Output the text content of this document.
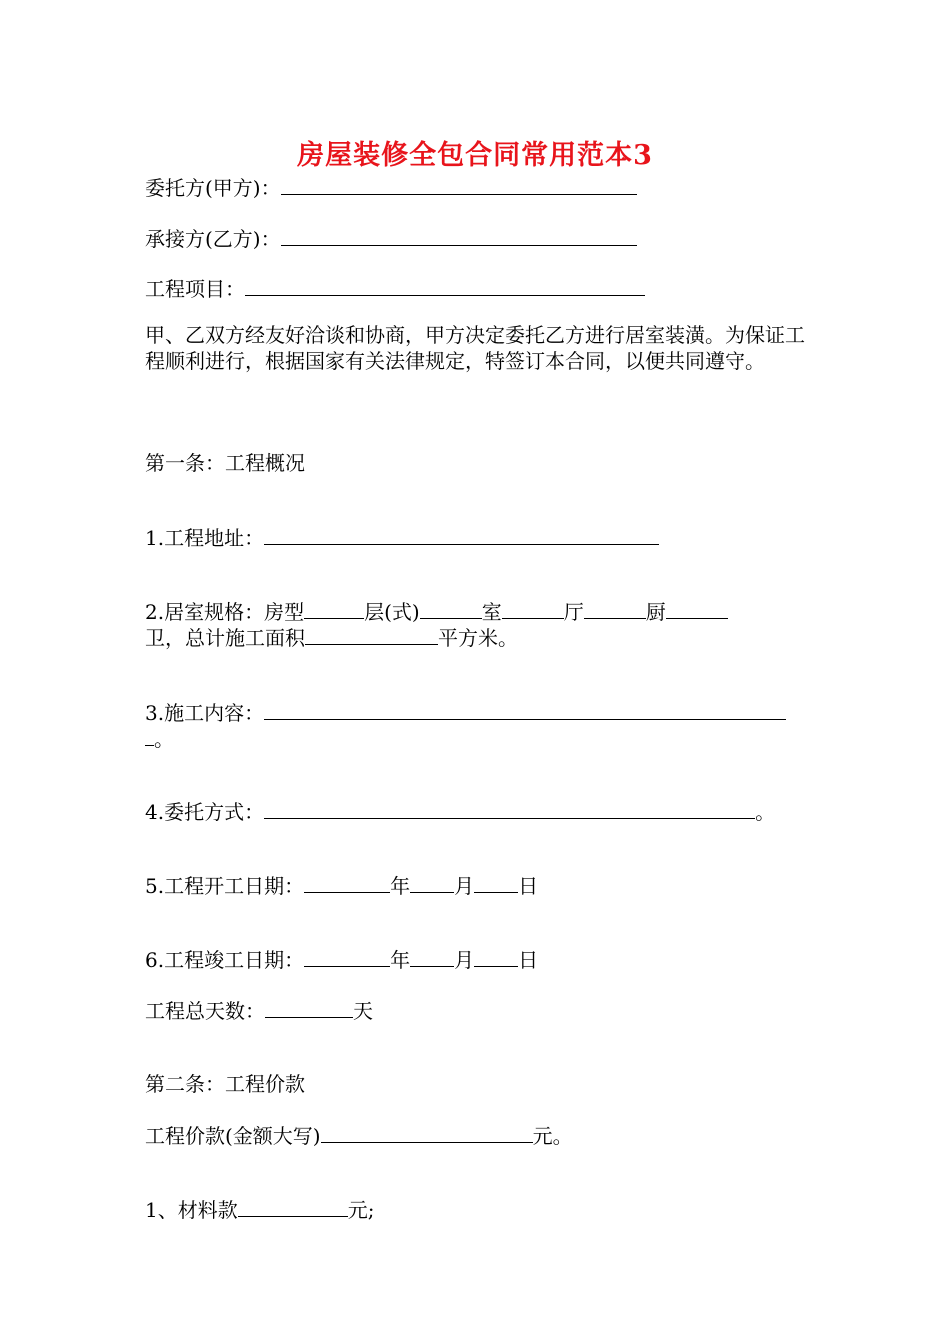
房屋装修全包合同常用范本3
委托方(甲方)：
承接方(乙方)：
工程项目：
甲、乙双方经友好洽谈和协商，甲方决定委托乙方进行居室装潢。为保证工程顺利进行，根据国家有关法律规定，特签订本合同，以便共同遵守。
第一条：工程概况
1.工程地址：
2.居室规格：房型	层(式)	室	厅	厨
卫，总计施工面积	平方米。
3.施工内容：
。
4.委托方式：	。
5.工程开工日期：	年 月 日
6.工程竣工日期：	年 月 日
工程总天数：	天
第二条：工程价款
工程价款(金额大写)	元。
1、材料款	元;
